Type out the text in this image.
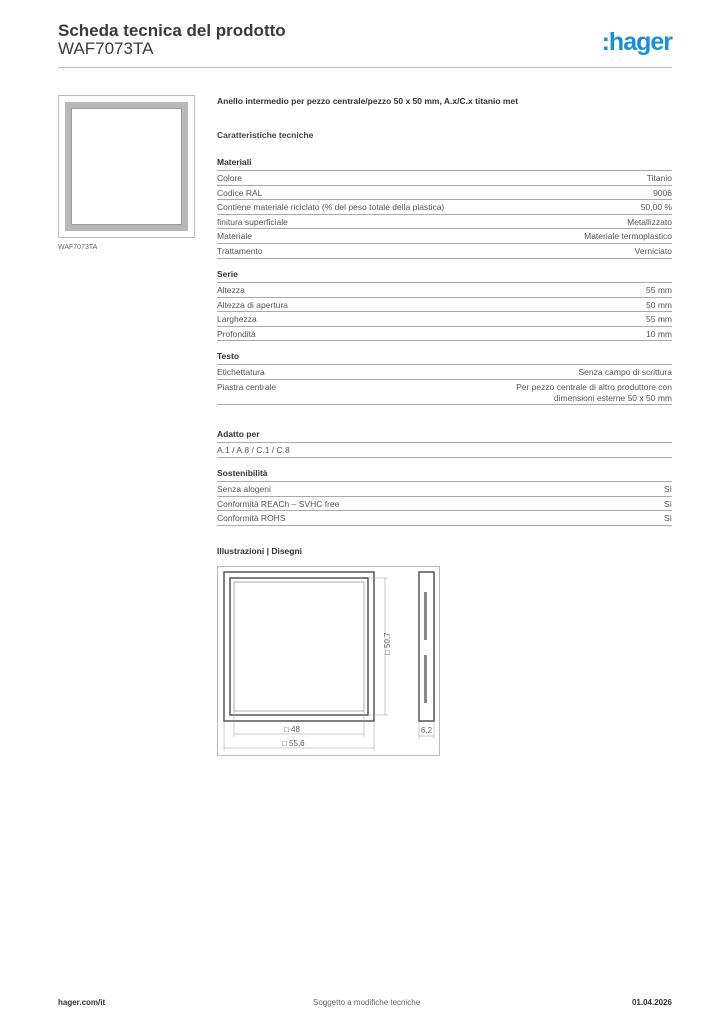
Scheda tecnica del prodotto
WAF7073TA	:hager
WAF7073TA
Anello intermedio per pezzo centrale/pezzo 50 x 50 mm, A.x/C.x titanio met
Caratteristiche tecniche
Materiali
Colore	Titanio
Codice RAL	9006
Contiene materiale riciclato (% del peso totale della plastica)	50,00 %
finitura superficiale	Metallizzato
Materiale	Materiale termoplastico
Trattamento	Verniciato
Serie
Altezza	55 mm
Altezza di apertura	50 mm
Larghezza	55 mm
Profondità	10 mm
Testo
Etichettatura	Senza campo di scrittura
Piastra centrale	Per pezzo centrale di altro produttore con dimensioni esterne 50 x 50 mm
Adatto per
A.1 / A.8 / C.1 / C.8
Sostenibilità
Senza alogeni	Sì
Conformità REACh – SVHC free	Sì
Conformità ROHS	Sì
Illustrazioni | Disegni
□ 50,7
□ 48
□ 55,6
6,2
hager.com/it	Soggetto a modifiche tecniche	01.04.2026
